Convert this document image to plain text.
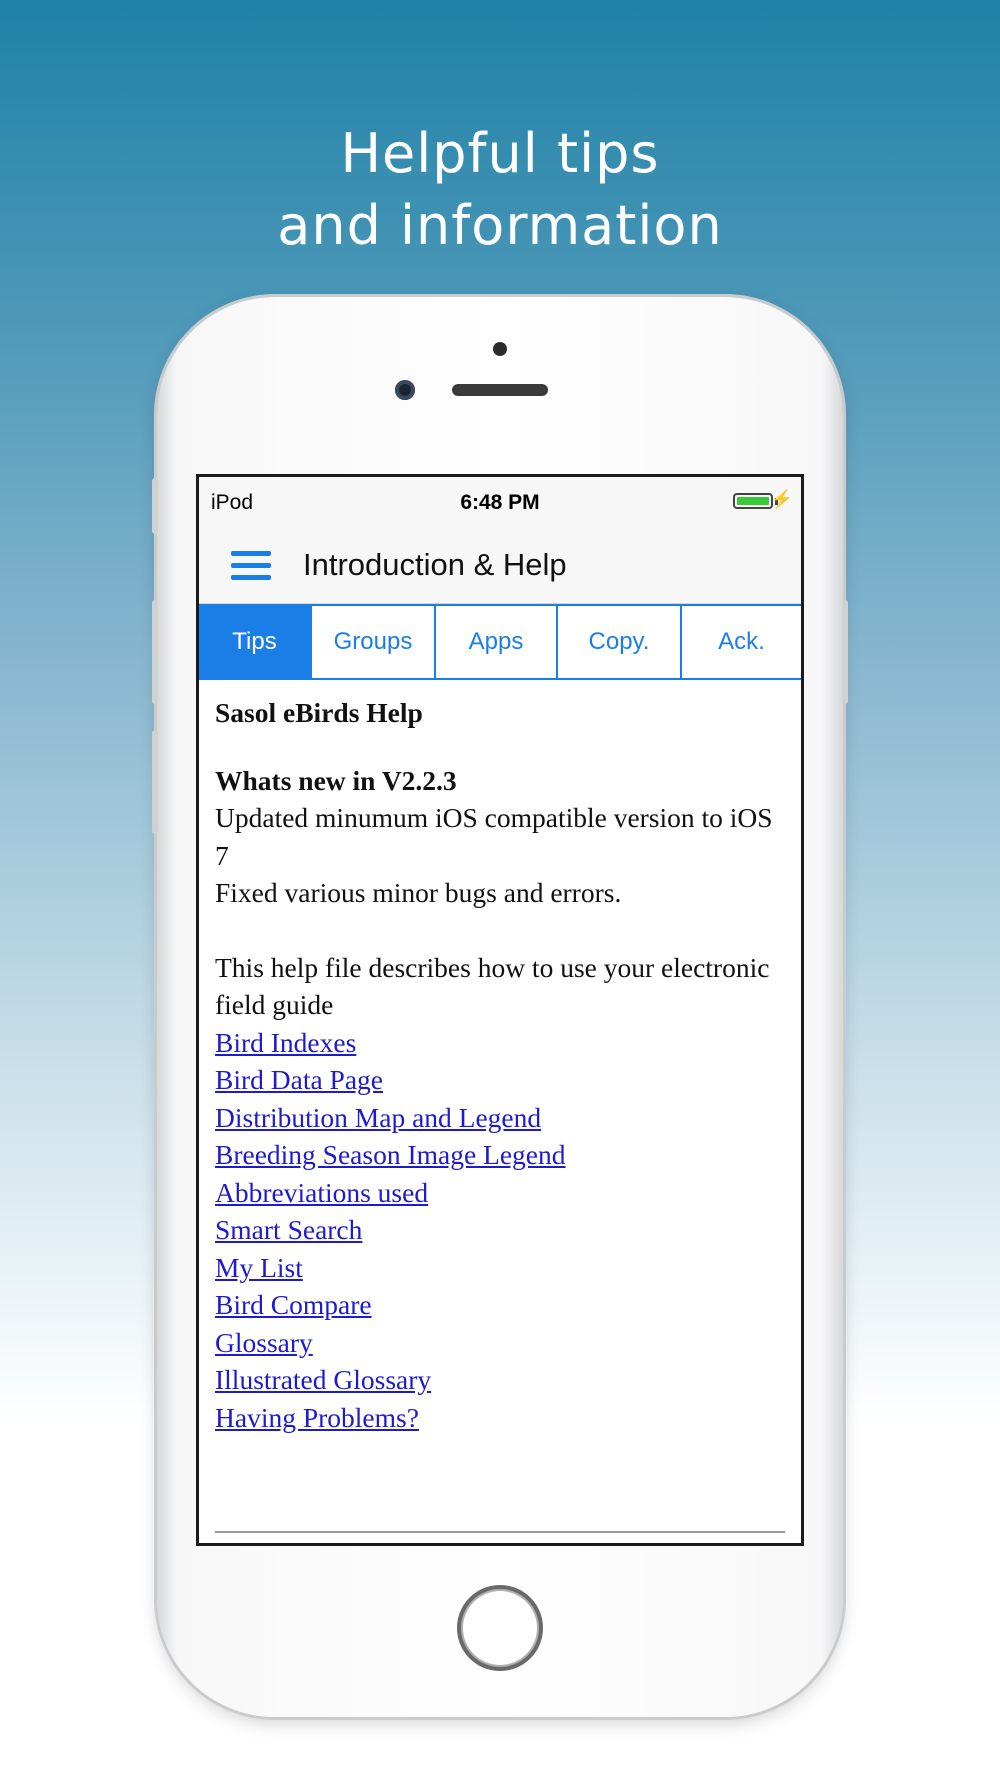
Helpful tips
and information
iPod	6:48 PM	⚡
Introduction & Help
Tips	Groups	Apps	Copy.	Ack.
Sasol eBirds Help
Whats new in V2.2.3
Updated minumum iOS compatible version to iOS 7
Fixed various minor bugs and errors.
This help file describes how to use your electronic field guide
Bird Indexes
Bird Data Page
Distribution Map and Legend
Breeding Season Image Legend
Abbreviations used
Smart Search
My List
Bird Compare
Glossary
Illustrated Glossary
Having Problems?
